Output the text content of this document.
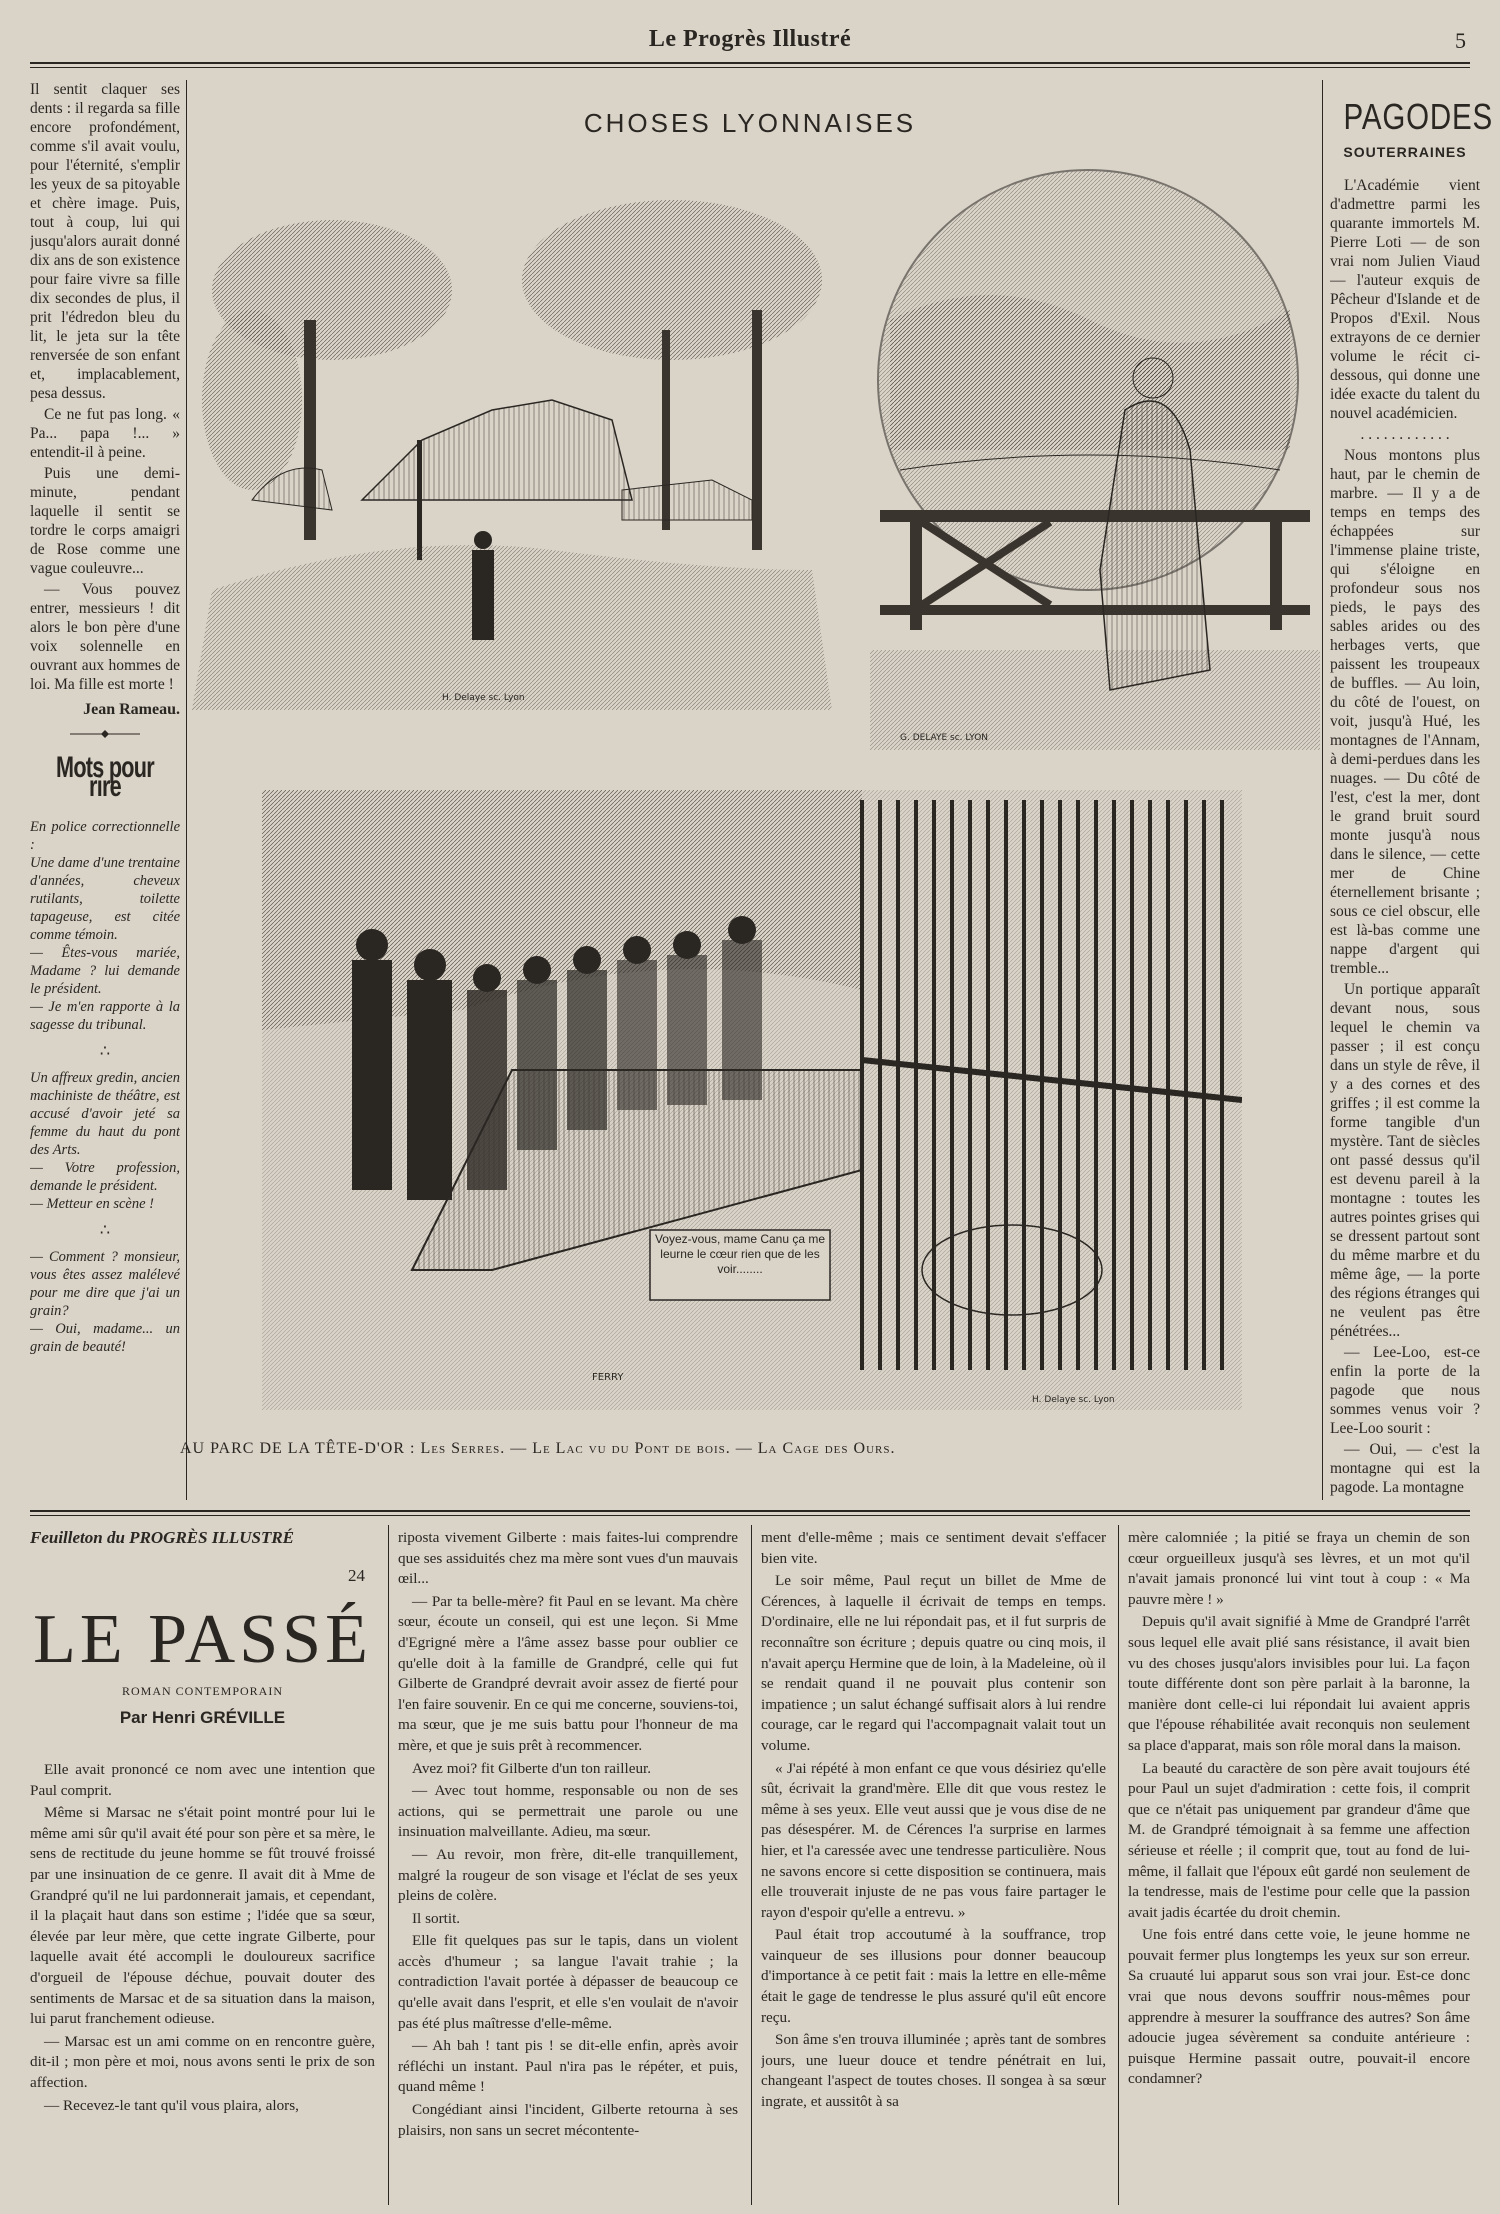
Le Progrès Illustré	5

Il sentit claquer ses dents : il regarda sa fille encore profondément, comme s'il avait voulu, pour l'éternité, s'emplir les yeux de sa pitoyable et chère image. Puis, tout à coup, lui qui jusqu'alors aurait donné dix ans de son existence pour faire vivre sa fille dix secondes de plus, il prit l'édredon bleu du lit, le jeta sur la tête renversée de son enfant et, implacablement, pesa dessus.

Ce ne fut pas long. « Pa... papa !... » entendit-il à peine.

Puis une demi-minute, pendant laquelle il sentit se tordre le corps amaigri de Rose comme une vague couleuvre...

— Vous pouvez entrer, messieurs ! dit alors le bon père d'une voix solennelle en ouvrant aux hommes de loi. Ma fille est morte !

Jean Rameau.
Mots pour rire
En police correctionnelle :
Une dame d'une trentaine d'années, cheveux rutilants, toilette tapageuse, est citée comme témoin.
— Êtes-vous mariée, Madame ? lui demande le président.
— Je m'en rapporte à la sagesse du tribunal.
∴
Un affreux gredin, ancien machiniste de théâtre, est accusé d'avoir jeté sa femme du haut du pont des Arts.
— Votre profession, demande le président.
— Metteur en scène !
∴
— Comment ? monsieur, vous êtes assez malélevé pour me dire que j'ai un grain?
— Oui, madame... un grain de beauté!
CHOSES LYONNAISES
H. Delaye sc. Lyon
G. DELAYE sc. LYON
PAGODES
SOUTERRAINES

L'Académie vient d'admettre parmi les quarante immortels M. Pierre Loti — de son vrai nom Julien Viaud — l'auteur exquis de Pêcheur d'Islande et de Propos d'Exil. Nous extrayons de ce dernier volume le récit ci-dessous, qui donne une idée exacte du talent du nouvel académicien.

. . . . . . . . . . . .

Nous montons plus haut, par le chemin de marbre. — Il y a de temps en temps des échappées sur l'immense plaine triste, qui s'éloigne en profondeur sous nos pieds, le pays des sables arides ou des herbages verts, que paissent les troupeaux de buffles. — Au loin, du côté de l'ouest, on voit, jusqu'à Hué, les montagnes de l'Annam, à demi-perdues dans les nuages. — Du côté de l'est, c'est la mer, dont le grand bruit sourd monte jusqu'à nous dans le silence, — cette mer de Chine éternellement brisante ; sous ce ciel obscur, elle est là-bas comme une nappe d'argent qui tremble...

Un portique apparaît devant nous, sous lequel le chemin va passer ; il est conçu dans un style de rêve, il y a des cornes et des griffes ; il est comme la forme tangible d'un mystère. Tant de siècles ont passé dessus qu'il est devenu pareil à la montagne : toutes les autres pointes grises qui se dressent partout sont du même marbre et du même âge, — la porte des régions étranges qui ne veulent pas être pénétrées...

— Lee-Loo, est-ce enfin la porte de la pagode que nous sommes venus voir ? Lee-Loo sourit :

— Oui, — c'est la montagne qui est la pagode. La montagne

Voyez-vous, mame Canu ça me leurne le cœur rien que de les voir........
FERRY
H. Delaye sc. Lyon
AU PARC DE LA TÊTE-D'OR : Les Serres. — Le Lac vu du Pont de bois. — La Cage des Ours.
Feuilleton du PROGRÈS ILLUSTRÉ
24
LE PASSÉ
ROMAN CONTEMPORAIN
Par Henri GRÉVILLE

Elle avait prononcé ce nom avec une intention que Paul comprit.

Même si Marsac ne s'était point montré pour lui le même ami sûr qu'il avait été pour son père et sa mère, le sens de rectitude du jeune homme se fût trouvé froissé par une insinuation de ce genre. Il avait dit à Mme de Grandpré qu'il ne lui pardonnerait jamais, et cependant, il la plaçait haut dans son estime ; l'idée que sa sœur, élevée par leur mère, que cette ingrate Gilberte, pour laquelle avait été accompli le douloureux sacrifice d'orgueil de l'épouse déchue, pouvait douter des sentiments de Marsac et de sa situation dans la maison, lui parut franchement odieuse.

— Marsac est un ami comme on en rencontre guère, dit-il ; mon père et moi, nous avons senti le prix de son affection.

— Recevez-le tant qu'il vous plaira, alors,

riposta vivement Gilberte : mais faites-lui comprendre que ses assiduités chez ma mère sont vues d'un mauvais œil...

— Par ta belle-mère? fit Paul en se levant. Ma chère sœur, écoute un conseil, qui est une leçon. Si Mme d'Egrigné mère a l'âme assez basse pour oublier ce qu'elle doit à la famille de Grandpré, celle qui fut Gilberte de Grandpré devrait avoir assez de fierté pour l'en faire souvenir. En ce qui me concerne, souviens-toi, ma sœur, que je me suis battu pour l'honneur de ma mère, et que je suis prêt à recommencer.

Avez moi? fit Gilberte d'un ton railleur.

— Avec tout homme, responsable ou non de ses actions, qui se permettrait une parole ou une insinuation malveillante. Adieu, ma sœur.

— Au revoir, mon frère, dit-elle tranquillement, malgré la rougeur de son visage et l'éclat de ses yeux pleins de colère.

Il sortit.

Elle fit quelques pas sur le tapis, dans un violent accès d'humeur ; sa langue l'avait trahie ; la contradiction l'avait portée à dépasser de beaucoup ce qu'elle avait dans l'esprit, et elle s'en voulait de n'avoir pas été plus maîtresse d'elle-même.

— Ah bah ! tant pis ! se dit-elle enfin, après avoir réfléchi un instant. Paul n'ira pas le répéter, et puis, quand même !

Congédiant ainsi l'incident, Gilberte retourna à ses plaisirs, non sans un secret mécontente-

ment d'elle-même ; mais ce sentiment devait s'effacer bien vite.

Le soir même, Paul reçut un billet de Mme de Cérences, à laquelle il écrivait de temps en temps. D'ordinaire, elle ne lui répondait pas, et il fut surpris de reconnaître son écriture ; depuis quatre ou cinq mois, il n'avait aperçu Hermine que de loin, à la Madeleine, où il se rendait quand il ne pouvait plus contenir son impatience ; un salut échangé suffisait alors à lui rendre courage, car le regard qui l'accompagnait valait tout un volume.

« J'ai répété à mon enfant ce que vous désiriez qu'elle sût, écrivait la grand'mère. Elle dit que vous restez le même à ses yeux. Elle veut aussi que je vous dise de ne pas désespérer. M. de Cérences l'a surprise en larmes hier, et l'a caressée avec une tendresse particulière. Nous ne savons encore si cette disposition se continuera, mais elle trouverait injuste de ne pas vous faire partager le rayon d'espoir qu'elle a entrevu. »

Paul était trop accoutumé à la souffrance, trop vainqueur de ses illusions pour donner beaucoup d'importance à ce petit fait : mais la lettre en elle-même était le gage de tendresse le plus assuré qu'il eût encore reçu.

Son âme s'en trouva illuminée ; après tant de sombres jours, une lueur douce et tendre pénétrait en lui, changeant l'aspect de toutes choses. Il songea à sa sœur ingrate, et aussitôt à sa

mère calomniée ; la pitié se fraya un chemin de son cœur orgueilleux jusqu'à ses lèvres, et un mot qu'il n'avait jamais prononcé lui vint tout à coup : « Ma pauvre mère ! »

Depuis qu'il avait signifié à Mme de Grandpré l'arrêt sous lequel elle avait plié sans résistance, il avait bien vu des choses jusqu'alors invisibles pour lui. La façon toute différente dont son père parlait à la baronne, la manière dont celle-ci lui répondait lui avaient appris que l'épouse réhabilitée avait reconquis non seulement sa place d'apparat, mais son rôle moral dans la maison.

La beauté du caractère de son père avait toujours été pour Paul un sujet d'admiration : cette fois, il comprit que ce n'était pas uniquement par grandeur d'âme que M. de Grandpré témoignait à sa femme une affection sérieuse et réelle ; il comprit que, tout au fond de lui-même, il fallait que l'époux eût gardé non seulement de la tendresse, mais de l'estime pour celle que la passion avait jadis écartée du droit chemin.

Une fois entré dans cette voie, le jeune homme ne pouvait fermer plus longtemps les yeux sur son erreur. Sa cruauté lui apparut sous son vrai jour. Est-ce donc vrai que nous devons souffrir nous-mêmes pour apprendre à mesurer la souffrance des autres? Son âme adoucie jugea sévèrement sa conduite antérieure : puisque Hermine passait outre, pouvait-il encore condamner?
